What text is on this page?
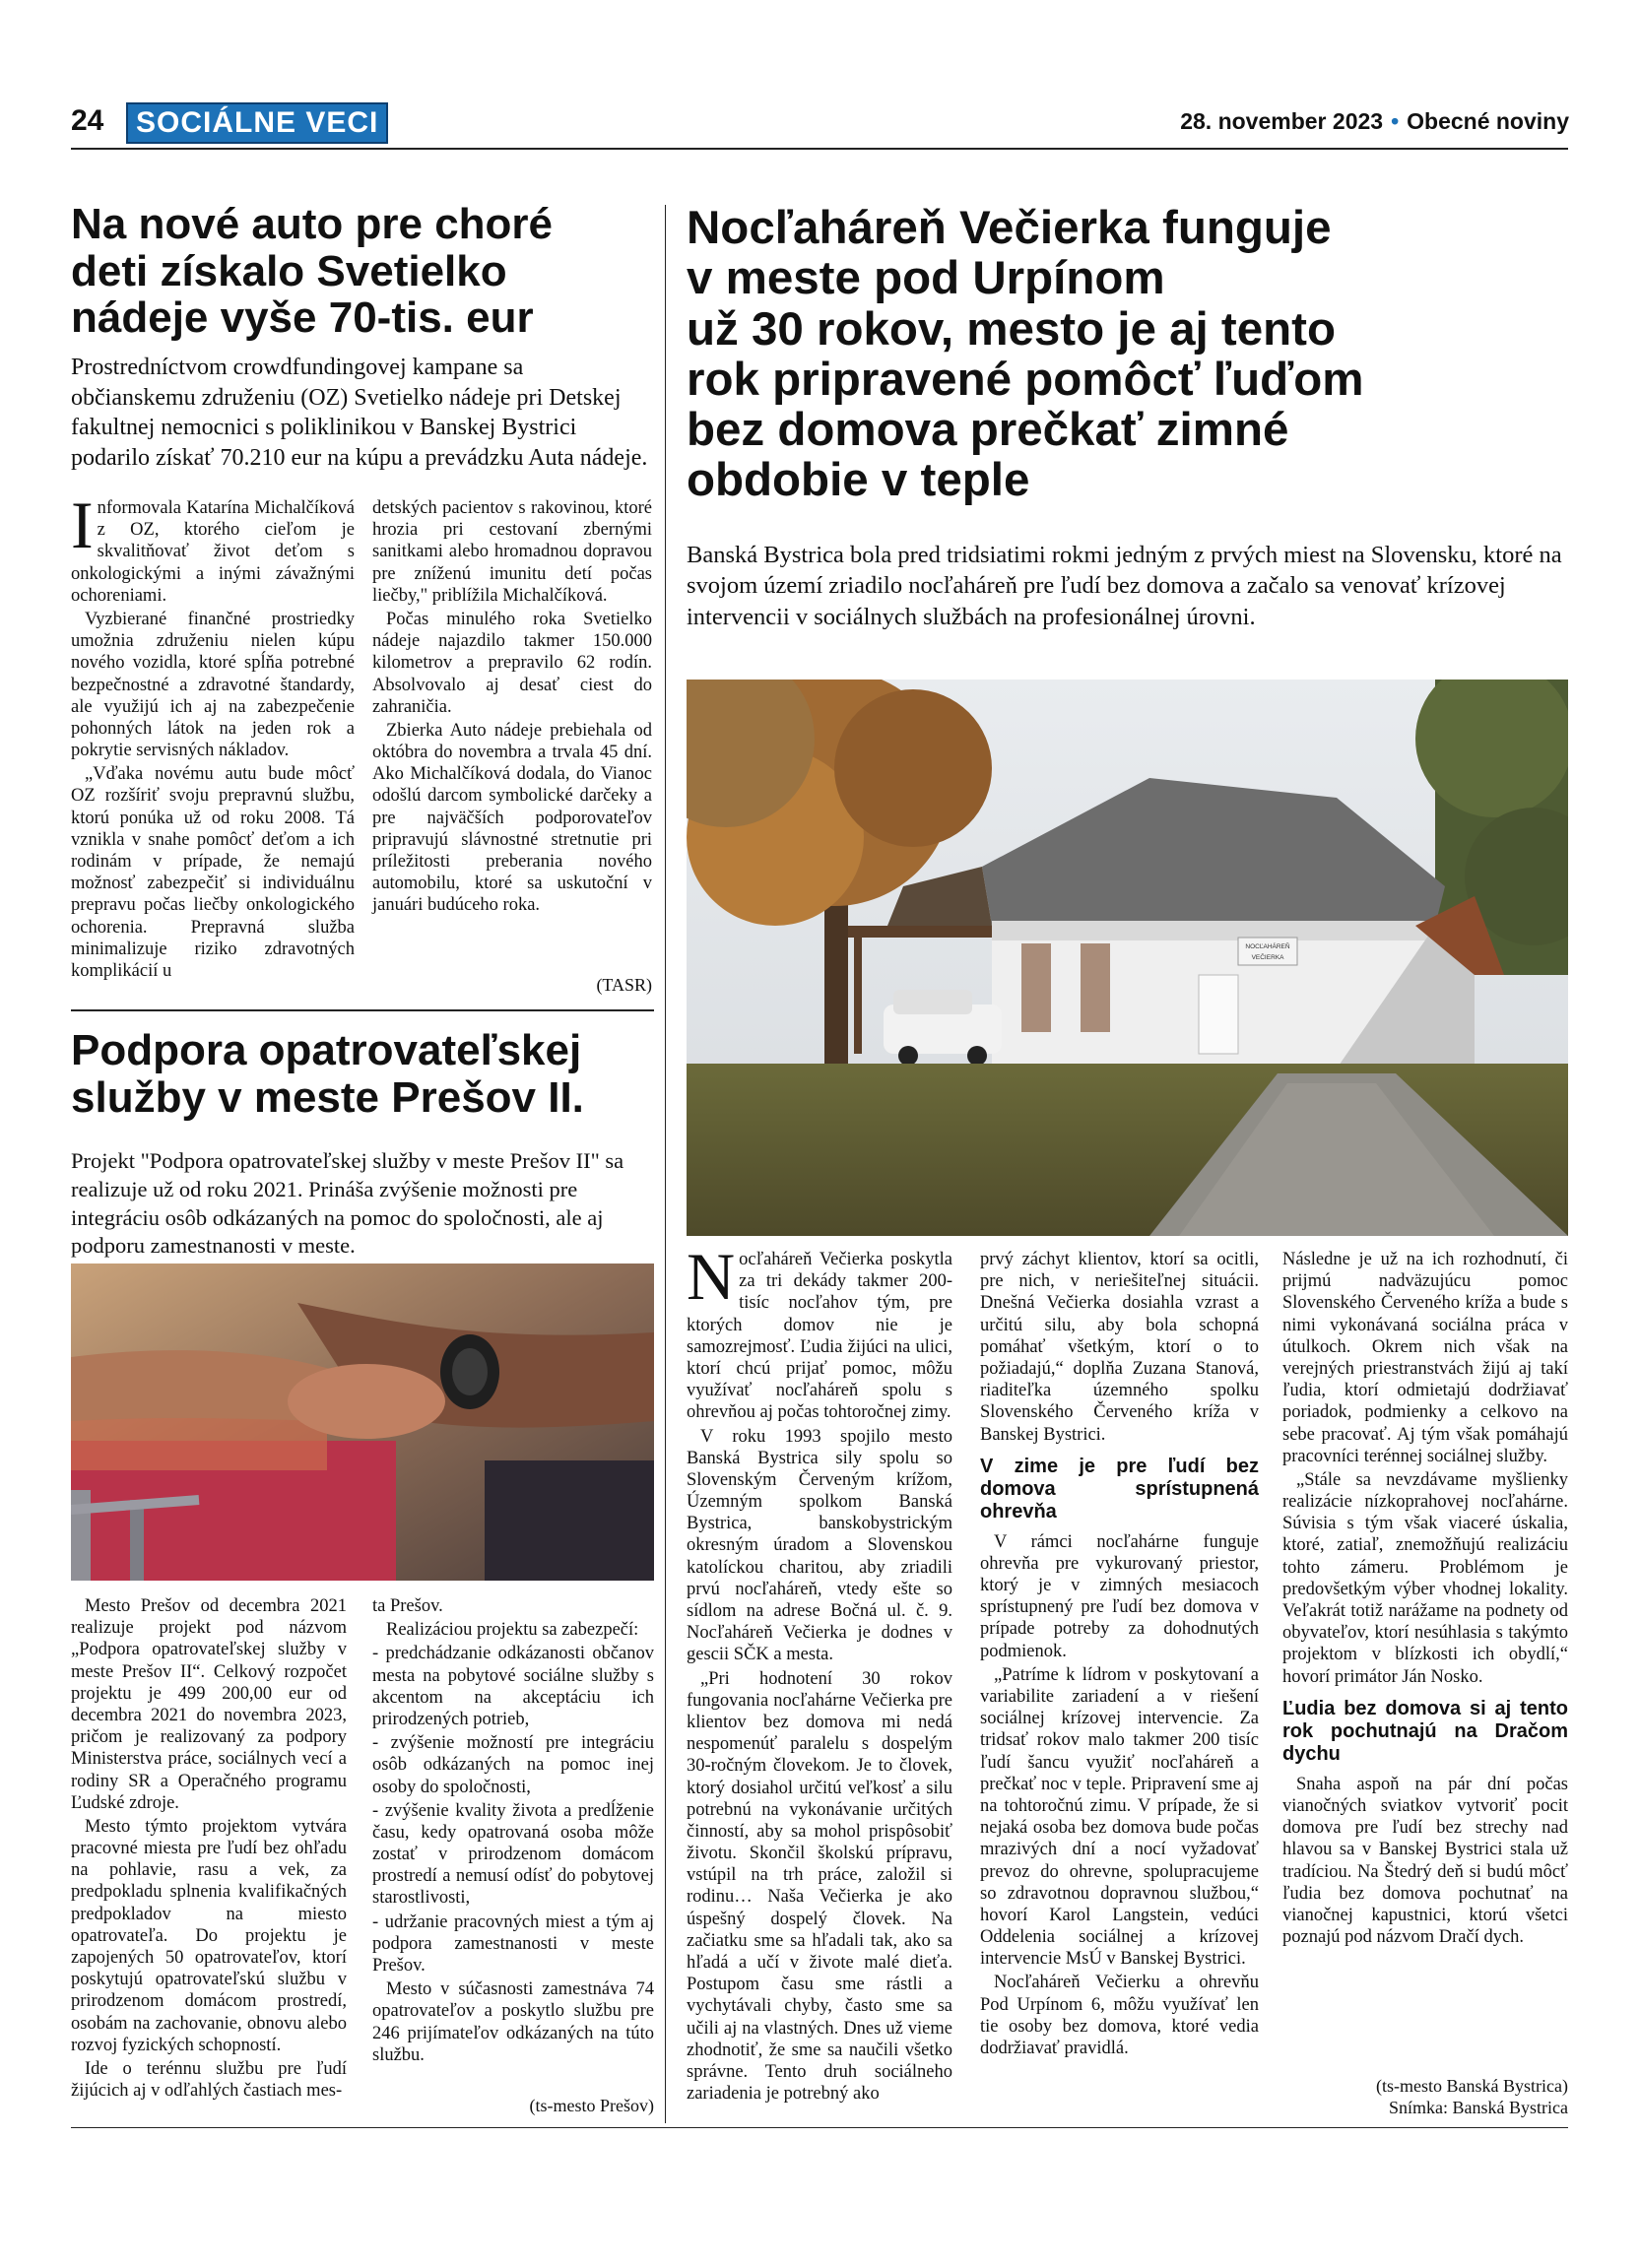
24	SOCIÁLNE VECI	28. november 2023 • Obecné noviny
Na nové auto pre choré
deti získalo Svetielko
nádeje vyše 70-tis. eur
Prostredníctvom crowdfundingovej kampane sa občianskemu združeniu (OZ) Svetielko nádeje pri Detskej fakultnej nemocnici s poliklinikou v Banskej Bystrici podarilo získať 70.210 eur na kúpu a prevádzku Auta nádeje.

Informovala Katarína Michalčíková z OZ, ktorého cieľom je skvalitňovať život deťom s onkologickými a inými závažnými ochoreniami.

Vyzbierané finančné prostriedky umožnia združeniu nielen kúpu nového vozidla, ktoré spĺňa potrebné bezpečnostné a zdravotné štandardy, ale využijú ich aj na zabezpečenie pohonných látok na jeden rok a pokrytie servisných nákladov.

„Vďaka novému autu bude môcť OZ rozšíriť svoju prepravnú službu, ktorú ponúka už od roku 2008. Tá vznikla v snahe pomôcť deťom a ich rodinám v prípade, že nemajú možnosť zabezpečiť si individuálnu prepravu počas liečby onkologického ochorenia. Prepravná služba minimalizuje riziko zdravotných komplikácií u

detských pacientov s rakovinou, ktoré hrozia pri cestovaní zbernými sanitkami alebo hromadnou dopravou pre zníženú imunitu detí počas liečby," priblížila Michalčíková.

Počas minulého roka Svetielko nádeje najazdilo takmer 150.000 kilometrov a prepravilo 62 rodín. Absolvovalo aj desať ciest do zahraničia.

Zbierka Auto nádeje prebiehala od októbra do novembra a trvala 45 dní. Ako Michalčíková dodala, do Vianoc odošlú darcom symbolické darčeky a pre najväčších podporovateľov pripravujú slávnostné stretnutie pri príležitosti preberania nového automobilu, ktoré sa uskutoční v januári budúceho roka.

(TASR)
Podpora opatrovateľskej
služby v meste Prešov II.
Projekt "Podpora opatrovateľskej služby v meste Prešov II" sa realizuje už od roku 2021. Prináša zvýšenie možnosti pre integráciu osôb odkázaných na pomoc do spoločnosti, ale aj podporu zamestnanosti v meste.

Mesto Prešov od decembra 2021 realizuje projekt pod názvom „Podpora opatrovateľskej služby v meste Prešov II“. Celkový rozpočet projektu je 499 200,00 eur od decembra 2021 do novembra 2023, pričom je realizovaný za podpory Ministerstva práce, sociálnych vecí a rodiny SR a Operačného programu Ľudské zdroje.

Mesto týmto projektom vytvára pracovné miesta pre ľudí bez ohľadu na pohlavie, rasu a vek, za predpokladu splnenia kvalifikačných predpokladov na miesto opatrovateľa. Do projektu je zapojených 50 opatrovateľov, ktorí poskytujú opatrovateľskú službu v prirodzenom domácom prostredí, osobám na zachovanie, obnovu alebo rozvoj fyzických schopností.

Ide o terénnu službu pre ľudí žijúcich aj v odľahlých častiach mes-

ta Prešov.

Realizáciou projektu sa zabezpečí:

- predchádzanie odkázanosti občanov mesta na pobytové sociálne služby s akcentom na akceptáciu ich prirodzených potrieb,

- zvýšenie možností pre integráciu osôb odkázaných na pomoc inej osoby do spoločnosti,

- zvýšenie kvality života a predĺženie času, kedy opatrovaná osoba môže zostať v prirodzenom domácom prostredí a nemusí odísť do pobytovej starostlivosti,

- udržanie pracovných miest a tým aj podpora zamestnanosti v meste Prešov.

Mesto v súčasnosti zamestnáva 74 opatrovateľov a poskytlo službu pre 246 prijímateľov odkázaných na túto službu.

(ts-mesto Prešov)
Nocľaháreň Večierka funguje
v meste pod Urpínom
už 30 rokov, mesto je aj tento
rok pripravené pomôcť ľuďom
bez domova prečkať zimné
obdobie v teple
Banská Bystrica bola pred tridsiatimi rokmi jedným z prvých miest na Slovensku, ktoré na svojom území zriadilo nocľaháreň pre ľudí bez domova a začalo sa venovať krízovej intervencii v sociálnych službách na profesionálnej úrovni.
NOCĽAHÁREŇ
VEČIERKA

Nocľaháreň Večierka poskytla za tri dekády takmer 200-tisíc nocľahov tým, pre ktorých domov nie je samozrejmosť. Ľudia žijúci na ulici, ktorí chcú prijať pomoc, môžu využívať nocľaháreň spolu s ohrevňou aj počas tohtoročnej zimy.

V roku 1993 spojilo mesto Banská Bystrica sily spolu so Slovenským Červeným krížom, Územným spolkom Banská Bystrica, banskobystrickým okresným úradom a Slovenskou katolíckou charitou, aby zriadili prvú nocľaháreň, vtedy ešte so sídlom na adrese Bočná ul. č. 9. Nocľaháreň Večierka je dodnes v gescii SČK a mesta.

„Pri hodnotení 30 rokov fungovania nocľahárne Večierka pre klientov bez domova mi nedá nespomenúť paralelu s dospelým 30-ročným človekom. Je to človek, ktorý dosiahol určitú veľkosť a silu potrebnú na vykonávanie určitých činností, aby sa mohol prispôsobiť životu. Skončil školskú prípravu, vstúpil na trh práce, založil si rodinu… Naša Večierka je ako úspešný dospelý človek. Na začiatku sme sa hľadali tak, ako sa hľadá a učí v živote malé dieťa. Postupom času sme rástli a vychytávali chyby, často sme sa učili aj na vlastných. Dnes už vieme zhodnotiť, že sme sa naučili všetko správne. Tento druh sociálneho zariadenia je potrebný ako

prvý záchyt klientov, ktorí sa ocitli, pre nich, v neriešiteľnej situácii. Dnešná Večierka dosiahla vzrast a určitú silu, aby bola schopná pomáhať všetkým, ktorí o to požiadajú,“ doplňa Zuzana Stanová, riaditeľka územného spolku Slovenského Červeného kríža v Banskej Bystrici.

V zime je pre ľudí bez domova sprístupnená ohrevňa

V rámci nocľahárne funguje ohrevňa pre vykurovaný priestor, ktorý je v zimných mesiacoch sprístupnený pre ľudí bez domova v prípade potreby za dohodnutých podmienok.

„Patríme k lídrom v poskytovaní a variabilite zariadení a v riešení sociálnej krízovej intervencie. Za tridsať rokov malo takmer 200 tisíc ľudí šancu využiť nocľaháreň a prečkať noc v teple. Pripravení sme aj na tohtoročnú zimu. V prípade, že si nejaká osoba bez domova bude počas mrazivých dní a nocí vyžadovať prevoz do ohrevne, spolupracujeme so zdravotnou dopravnou službou,“ hovorí Karol Langstein, vedúci Oddelenia sociálnej a krízovej intervencie MsÚ v Banskej Bystrici.

Nocľaháreň Večierku a ohrevňu Pod Urpínom 6, môžu využívať len tie osoby bez domova, ktoré vedia dodržiavať pravidlá.

Následne je už na ich rozhodnutí, či prijmú nadväzujúcu pomoc Slovenského Červeného kríža a bude s nimi vykonávaná sociálna práca v útulkoch. Okrem nich však na verejných priestranstvách žijú aj takí ľudia, ktorí odmietajú dodržiavať poriadok, podmienky a celkovo na sebe pracovať. Aj tým však pomáhajú pracovníci terénnej sociálnej služby.

„Stále sa nevzdávame myšlienky realizácie nízkoprahovej nocľahárne. Súvisia s tým však viaceré úskalia, ktoré, zatiaľ, znemožňujú realizáciu tohto zámeru. Problémom je predovšetkým výber vhodnej lokality. Veľakrát totiž narážame na podnety od obyvateľov, ktorí nesúhlasia s takýmto projektom v blízkosti ich obydlí,“ hovorí primátor Ján Nosko.

Ľudia bez domova si aj tento rok pochutnajú na Dračom dychu

Snaha aspoň na pár dní počas vianočných sviatkov vytvoriť pocit domova pre ľudí bez strechy nad hlavou sa v Banskej Bystrici stala už tradíciou. Na Štedrý deň si budú môcť ľudia bez domova pochutnať na vianočnej kapustnici, ktorú všetci poznajú pod názvom Dračí dych.

(ts-mesto Banská Bystrica)
Snímka: Banská Bystrica
